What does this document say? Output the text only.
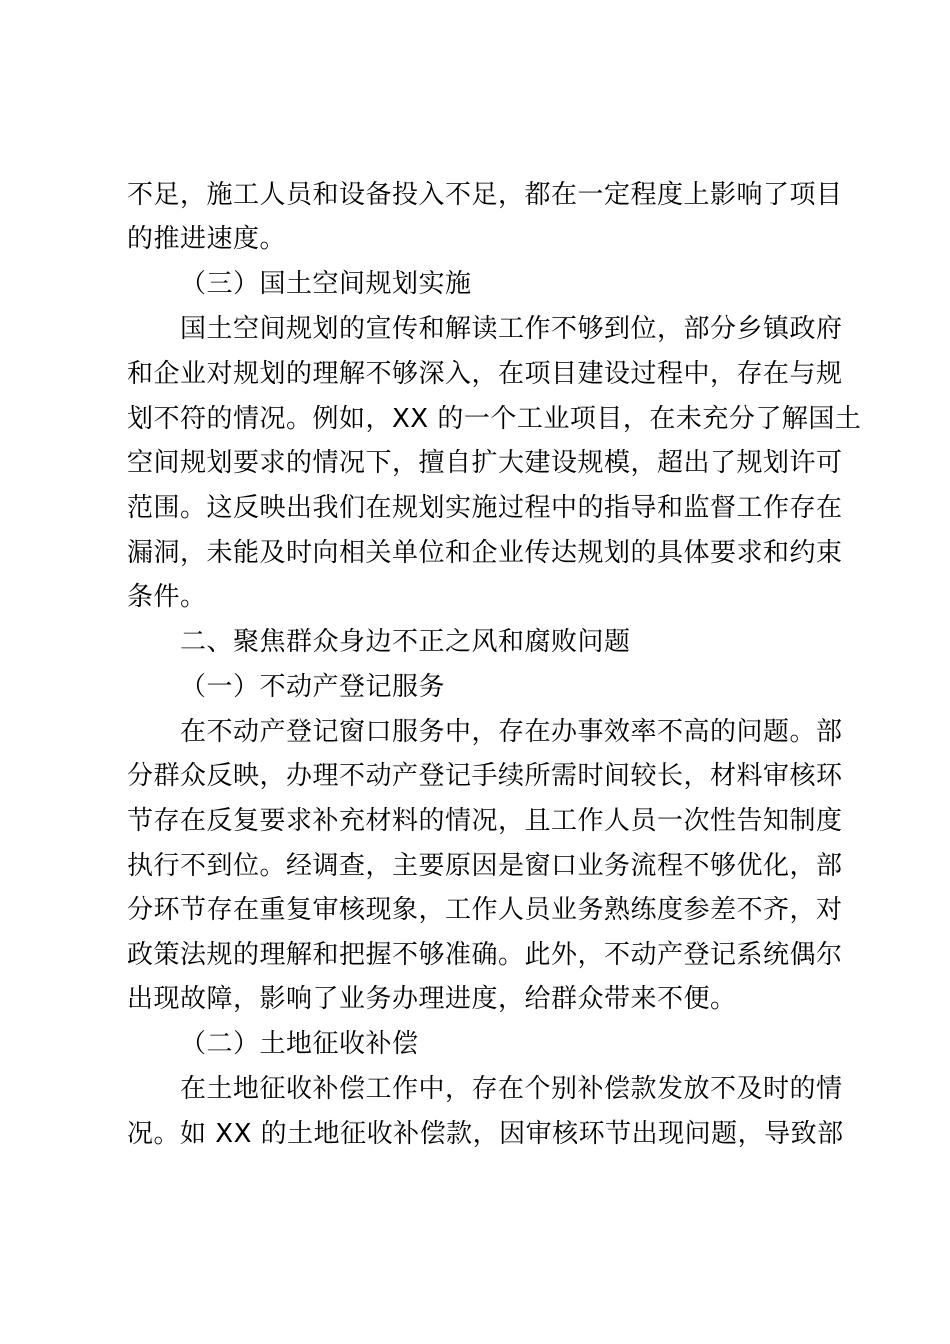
不足，施工人员和设备投入不足，都在一定程度上影响了项目
的推进速度。
（三）国土空间规划实施
国土空间规划的宣传和解读工作不够到位，部分乡镇政府
和企业对规划的理解不够深入，在项目建设过程中，存在与规
划不符的情况。例如，XX 的一个工业项目，在未充分了解国土
空间规划要求的情况下，擅自扩大建设规模，超出了规划许可
范围。这反映出我们在规划实施过程中的指导和监督工作存在
漏洞，未能及时向相关单位和企业传达规划的具体要求和约束
条件。
二、聚焦群众身边不正之风和腐败问题
（一）不动产登记服务
在不动产登记窗口服务中，存在办事效率不高的问题。部
分群众反映，办理不动产登记手续所需时间较长，材料审核环
节存在反复要求补充材料的情况，且工作人员一次性告知制度
执行不到位。经调查，主要原因是窗口业务流程不够优化，部
分环节存在重复审核现象，工作人员业务熟练度参差不齐，对
政策法规的理解和把握不够准确。此外，不动产登记系统偶尔
出现故障，影响了业务办理进度，给群众带来不便。
（二）土地征收补偿
在土地征收补偿工作中，存在个别补偿款发放不及时的情
况。如 XX 的土地征收补偿款，因审核环节出现问题，导致部
